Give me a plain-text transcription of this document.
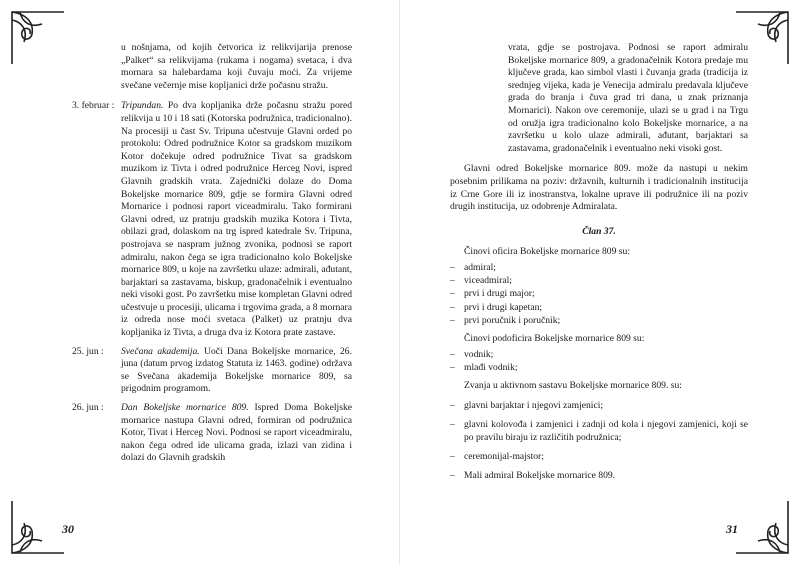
u nošnjama, od kojih četvorica iz relikvijarija prenose „Palket“ sa relikvijama (rukama i nogama) svetaca, i dva mornara sa halebardama koji čuvaju moći. Za vrijeme svečane večernje mise kopljanici drže počasnu stražu.

3. februar : Tripundan. Po dva kopljanika drže počasnu stražu pored relikvija u 10 i 18 sati (Kotorska podružnica, tradicionalno). Na procesiji u čast Sv. Tripuna učestvuje Glavni orded po protokolu: Odred podružnice Kotor sa gradskom muzikom Kotor dočekuje odred podružnice Tivat sa gradskom muzikom iz Tivta i odred podružnice Herceg Novi, ispred Glavnih gradskih vrata. Zajednički dolaze do Doma Bokeljske mornarice 809, gdje se formira Glavni odred Mornarice i podnosi raport viceadmiralu. Tako formirani Glavni odred, uz pratnju gradskih muzika Kotora i Tivta, obilazi grad, dolaskom na trg ispred katedrale Sv. Tripuna, postrojava se naspram južnog zvonika, podnosi se raport admiralu, nakon čega se igra tradicionalno kolo Bokeljske mornarice 809, u koje na završetku ulaze: admirali, ađutant, barjaktari sa zastavama, biskup, gradonačelnik i eventualno neki visoki gost. Po završetku mise kompletan Glavni odred učestvuje u procesiji, ulicama i trgovima grada, a 8 mornara iz odreda nose moći svetaca (Palket) uz pratnju dva kopljanika iz Tivta, a druga dva iz Kotora prate zastave.
25. jun :	Svečana akademija. Uoči Dana Bokeljske mornarice, 26. juna (datum prvog izdatog Statuta iz 1463. godine) održava se Svečana akademija Bokeljske mornarice 809, sa prigodnim programom.
26. jun :	Dan Bokeljske mornarice 809. Ispred Doma Bokeljske mornarice nastupa Glavni odred, formiran od podružnica Kotor, Tivat i Herceg Novi. Podnosi se raport viceadmiralu, nakon čega odred ide ulicama grada, izlazi van zidina i dolazi do Glavnih gradskih
30

vrata, gdje se postrojava. Podnosi se raport admiralu Bokeljske mornarice 809, a gradonačelnik Kotora predaje mu ključeve grada, kao simbol vlasti i čuvanja grada (tradicija iz srednjeg vijeka, kada je Venecija admiralu predavala ključeve grada do branja i čuva grad tri dana, u znak priznanja Mornarici). Nakon ove ceremonije, ulazi se u grad i na Trgu od oružja igra tradicionalno kolo Bokeljske mornarice, a na završetku u kolo ulaze admirali, ađutant, barjaktari sa zastavama, gradonačelnik i eventualno neki visoki gost.

Glavni odred Bokeljske mornarice 809. može da nastupi u nekim posebnim prilikama na poziv: državnih, kulturnih i tradicionalnih institucija iz Crne Gore ili iz inostranstva, lokalne uprave ili podružnice ili na poziv drugih institucija, uz odobrenje Admiralata.

Član 37.

Činovi oficira Bokeljske mornarice 809 su:

– admiral;
– viceadmiral;
– prvi i drugi major;
– prvi i drugi kapetan;
– prvi poručnik i poručnik;

Činovi podoficira Bokeljske mornarice 809 su:

– vodnik;
– mlađi vodnik;

Zvanja u aktivnom sastavu Bokeljske mornarice 809. su:

– glavni barjaktar i njegovi zamjenici;
– glavni kolovođa i zamjenici i zadnji od kola i njegovi zamjenici, koji se po pravilu biraju iz različitih podružnica;
– ceremonijal-majstor;
– Mali admiral Bokeljske mornarice 809.
31
